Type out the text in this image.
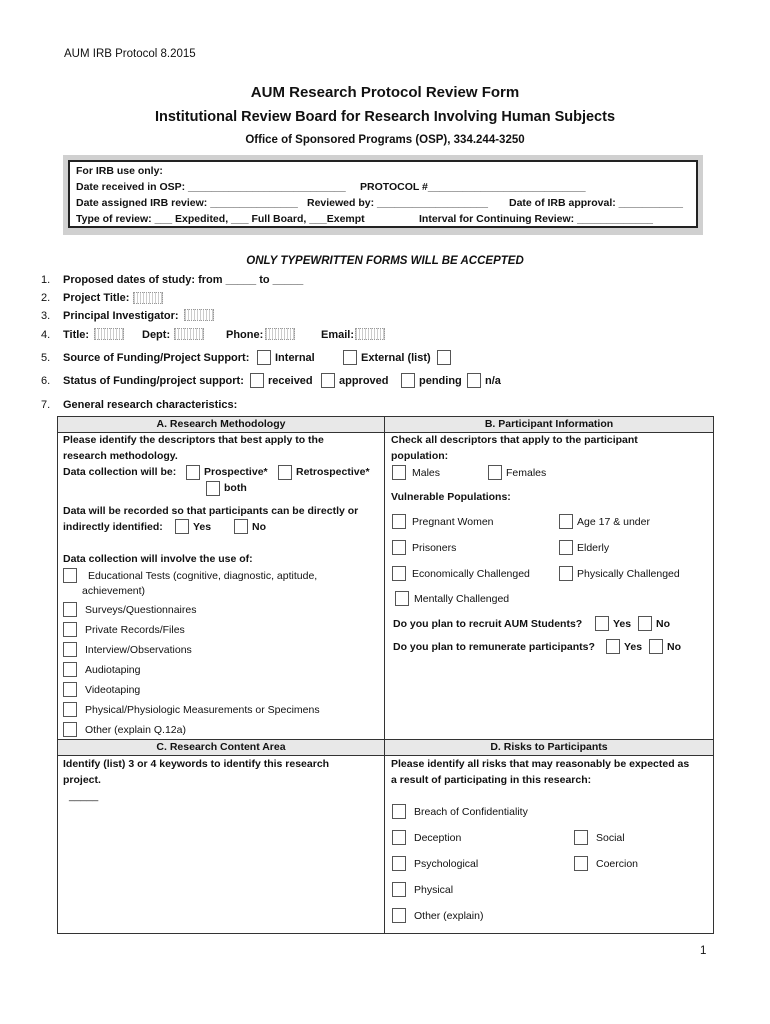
AUM IRB Protocol 8.2015
AUM Research Protocol Review Form
Institutional Review Board for Research Involving Human Subjects
Office of Sponsored Programs (OSP), 334.244-3250
For IRB use only:
Date received in OSP: ___________________________ PROTOCOL #___________________________
Date assigned IRB review: _______________ Reviewed by: ___________________ Date of IRB approval: ___________
Type of review: ___ Expedited, ___ Full Board, ___Exempt	Interval for Continuing Review: _____________
ONLY TYPEWRITTEN FORMS WILL BE ACCEPTED
1. Proposed dates of study: from _____ to _____
2. Project Title:
3. Principal Investigator:
4. Title:	Dept:	Phone:	Email:
5. Source of Funding/Project Support: Internal	External (list)
6. Status of Funding/project support: received approved	pending n/a
7. General research characteristics:
A. Research Methodology	B. Participant Information
Please identify the descriptors that best apply to the
research methodology.
Data collection will be:	Prospective*	Retrospective*
both
Data will be recorded so that participants can be directly or
indirectly identified:	Yes	No
Data collection will involve the use of:
Educational Tests (cognitive, diagnostic, aptitude,
achievement)
Surveys/Questionnaires
Private Records/Files
Interview/Observations
Audiotaping
Videotaping
Physical/Physiologic Measurements or Specimens
Other (explain Q.12a)
Check all descriptors that apply to the participant
population:
Males	Females
Vulnerable Populations:
Pregnant Women	Age 17 & under
Prisoners	Elderly
Economically Challenged	Physically Challenged
Mentally Challenged
Do you plan to recruit AUM Students?	Yes No
Do you plan to remunerate participants?	Yes No
C. Research Content Area	D. Risks to Participants
Identify (list) 3 or 4 keywords to identify this research
project.
_____
Please identify all risks that may reasonably be expected as
a result of participating in this research:
Breach of Confidentiality
Deception	Social
Psychological	Coercion
Physical
Other (explain)
1
